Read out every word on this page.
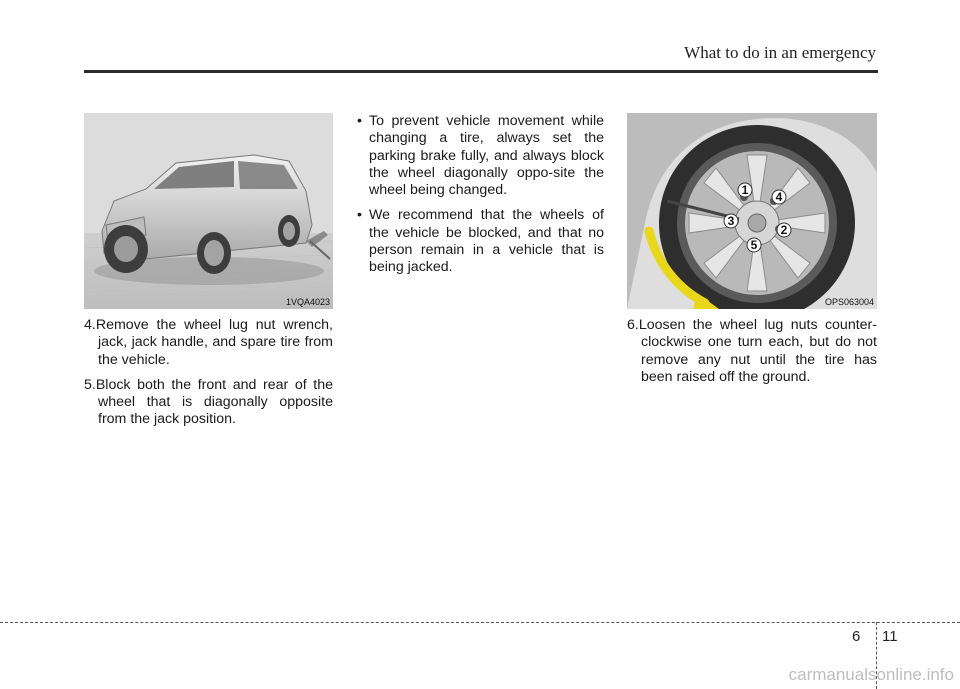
What to do in an emergency
1VQA4023

4.Remove the wheel lug nut wrench, jack, jack handle, and spare tire from the vehicle.

5.Block both the front and rear of the wheel that is diagonally opposite from the jack position.

• To prevent vehicle movement while changing a tire, always set the parking brake fully, and always block the wheel diagonally oppo-site the wheel being changed.

• We recommend that the wheels of the vehicle be blocked, and that no person remain in a vehicle that is being jacked.

1
2
3
4
5
OPS063004

6.Loosen the wheel lug nuts counter-clockwise one turn each, but do not remove any nut until the tire has been raised off the ground.

6 11
carmanualsonline.info
